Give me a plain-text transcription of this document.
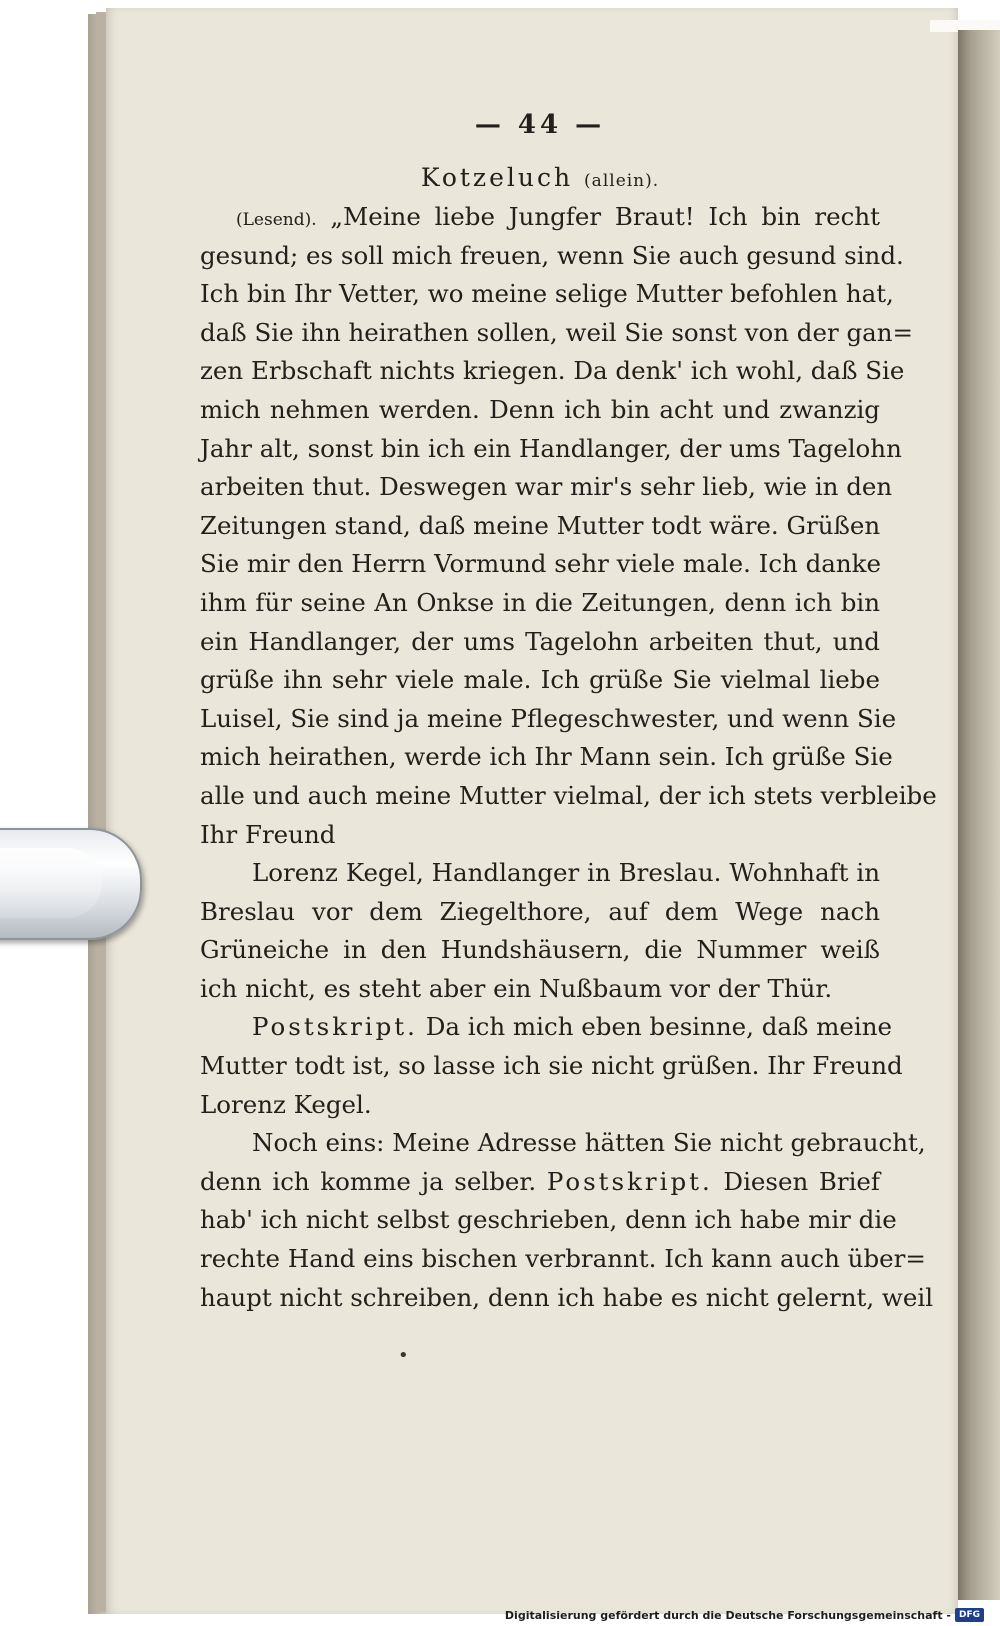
— 44 —
Kotzeluch (allein).
(Lesend). „Meine liebe Jungfer Braut! Ich bin recht
gesund; es soll mich freuen, wenn Sie auch gesund sind.
Ich bin Ihr Vetter, wo meine selige Mutter befohlen hat,
daß Sie ihn heirathen sollen, weil Sie sonst von der gan=
zen Erbschaft nichts kriegen. Da denk' ich wohl, daß Sie
mich nehmen werden. Denn ich bin acht und zwanzig
Jahr alt, sonst bin ich ein Handlanger, der ums Tagelohn
arbeiten thut. Deswegen war mir's sehr lieb, wie in den
Zeitungen stand, daß meine Mutter todt wäre. Grüßen
Sie mir den Herrn Vormund sehr viele male. Ich danke
ihm für seine An Onkse in die Zeitungen, denn ich bin
ein Handlanger, der ums Tagelohn arbeiten thut, und
grüße ihn sehr viele male. Ich grüße Sie vielmal liebe
Luisel, Sie sind ja meine Pflegeschwester, und wenn Sie
mich heirathen, werde ich Ihr Mann sein. Ich grüße Sie
alle und auch meine Mutter vielmal, der ich stets verbleibe
Ihr Freund
Lorenz Kegel, Handlanger in Breslau. Wohnhaft in
Breslau vor dem Ziegelthore, auf dem Wege nach
Grüneiche in den Hundshäusern, die Nummer weiß
ich nicht, es steht aber ein Nußbaum vor der Thür.
Postskript. Da ich mich eben besinne, daß meine
Mutter todt ist, so lasse ich sie nicht grüßen. Ihr Freund
Lorenz Kegel.
Noch eins: Meine Adresse hätten Sie nicht gebraucht,
denn ich komme ja selber. Postskript. Diesen Brief
hab' ich nicht selbst geschrieben, denn ich habe mir die
rechte Hand eins bischen verbrannt. Ich kann auch über=
haupt nicht schreiben, denn ich habe es nicht gelernt, weil
•
Digitalisierung gefördert durch die Deutsche Forschungsgemeinschaft - DFG
